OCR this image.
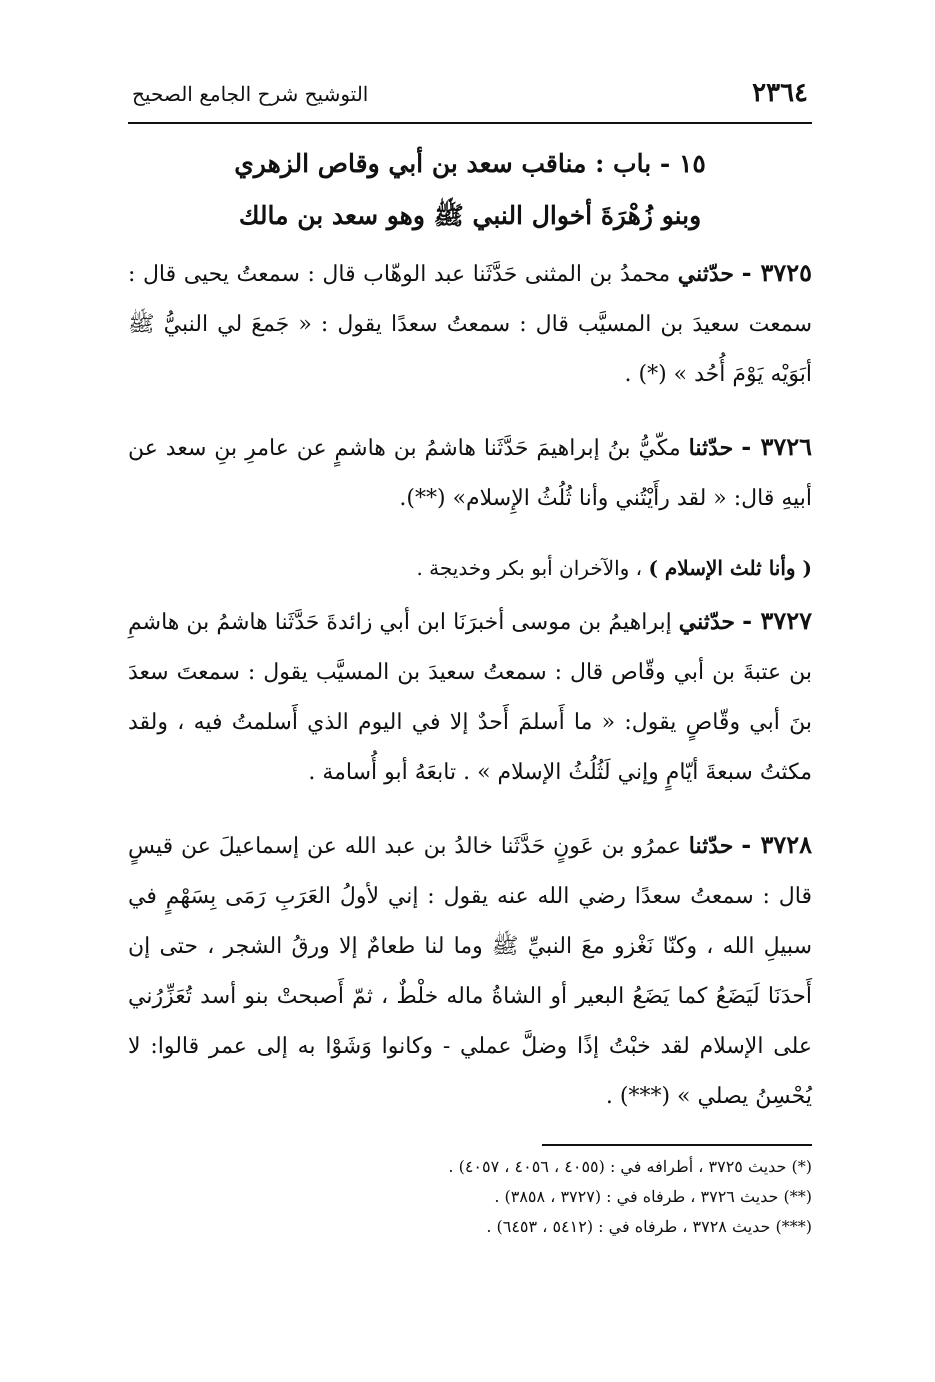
٢٣٦٤
التوشيح شرح الجامع الصحيح
١٥ - باب : مناقب سعد بن أبي وقاص الزهري
وبنو زُهْرَةَ أخوال النبي ﷺ وهو سعد بن مالك

٣٧٢٥ - حدّثني محمدُ بن المثنى حَدَّثَنا عبد الوهّاب قال : سمعتُ يحيى قال : سمعت سعيدَ بن المسيَّب قال : سمعتُ سعدًا يقول : « جَمعَ لي النبيُّ ﷺ أبَوَيْه يَوْمَ أُحُد » (*) .

٣٧٢٦ - حدّثنا مكّيُّ بنُ إبراهيمَ حَدَّثَنا هاشمُ بن هاشمٍ عن عامرِ بنِ سعد عن أبيهِ قال: « لقد رأَيْتُني وأنا ثُلُثُ الإِسلام» (**).

( وأنا ثلث الإسلام ) ، والآخران أبو بكر وخديجة .

٣٧٢٧ - حدّثني إبراهيمُ بن موسى أخبرَنَا ابن أبي زائدةَ حَدَّثَنا هاشمُ بن هاشمِ بن عتبةَ بن أبي وقّاص قال : سمعتُ سعيدَ بن المسيَّب يقول : سمعتَ سعدَ بنَ أبي وقّاصٍ يقول: « ما أَسلمَ أَحدٌ إلا في اليوم الذي أَسلمتُ فيه ، ولقد مكثتُ سبعةَ أيّامٍ وإني لَثُلُثُ الإسلام » . تابعَهُ أبو أُسامة .

٣٧٢٨ - حدّثنا عمرُو بن عَونٍ حَدَّثَنا خالدُ بن عبد الله عن إسماعيلَ عن قيسٍ قال : سمعتُ سعدًا رضي الله عنه يقول : إني لأولُ العَرَبِ رَمَى بِسَهْمٍ في سبيلِ الله ، وكنّا نَغْزو معَ النبيِّ ﷺ وما لنا طعامٌ إلا ورقُ الشجر ، حتى إن أَحدَنَا لَيَضَعُ كما يَضَعُ البعير أو الشاةُ ماله خلْطٌ ، ثمّ أَصبحتْ بنو أسد تُعَزِّرُني على الإسلام لقد خبْتُ إذًا وضلَّ عملي - وكانوا وَشَوْا به إلى عمر قالوا: لا يُحْسِنُ يصلي » (***) .

(*) حديث ٣٧٢٥ ، أطرافه في : (٤٠٥٥ ، ٤٠٥٦ ، ٤٠٥٧) .
(**) حديث ٣٧٢٦ ، طرفاه في : (٣٧٢٧ ، ٣٨٥٨) .
(***) حديث ٣٧٢٨ ، طرفاه في : (٥٤١٢ ، ٦٤٥٣) .
